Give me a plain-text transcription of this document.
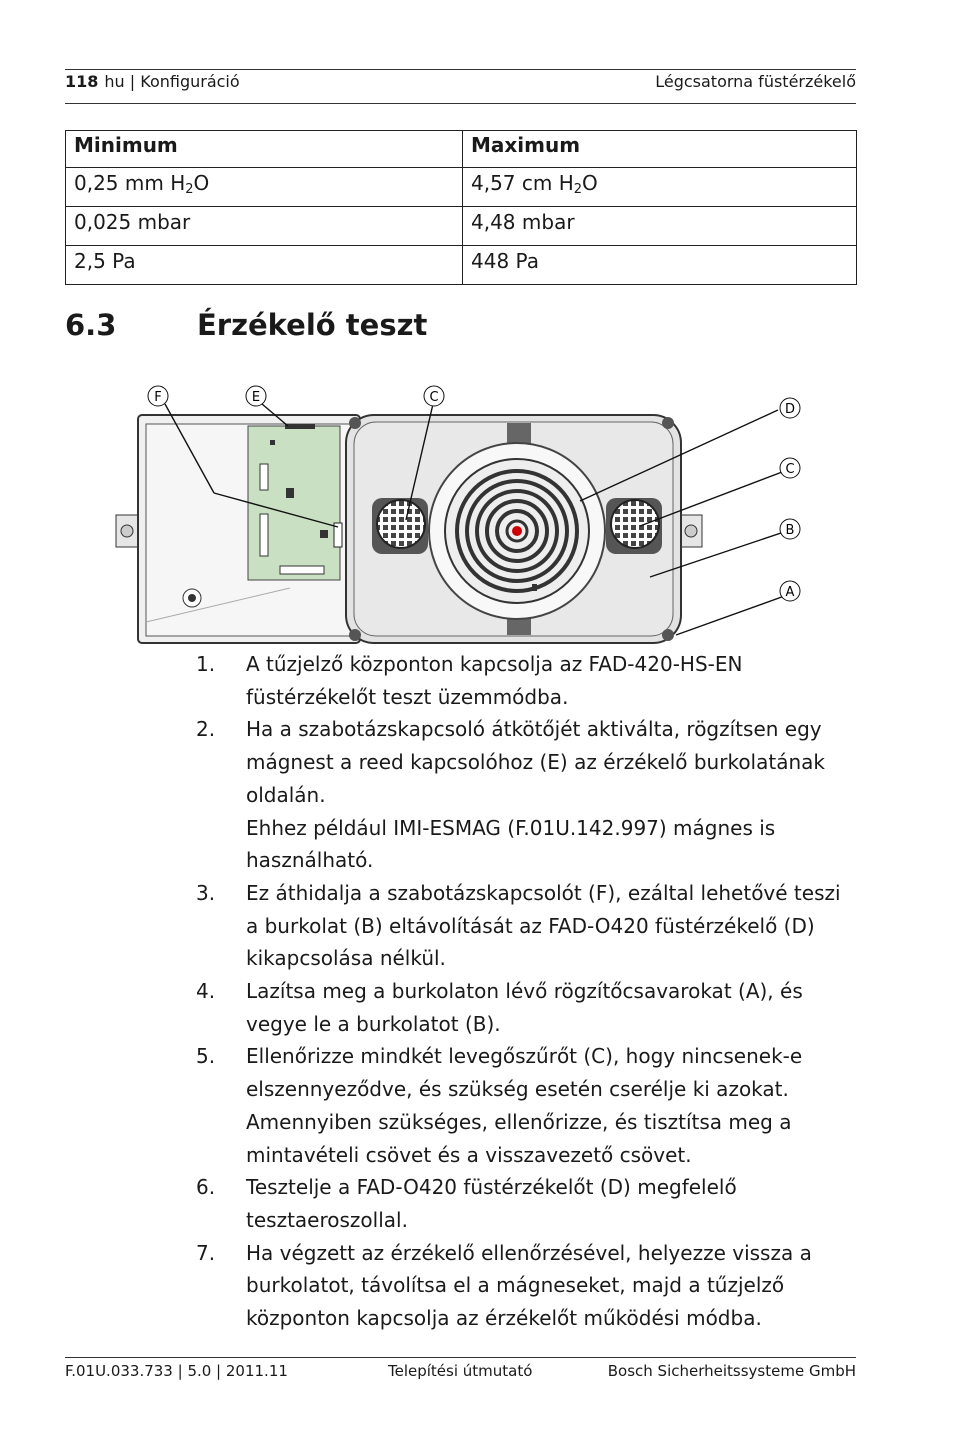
118 hu | Konfiguráció	Légcsatorna füstérzékelő
Minimum	Maximum
0,25 mm $H_2O$	4,57 cm $H_2O$
0,025 mbar	4,48 mbar
2,5 Pa	448 Pa
6.3	Érzékelő teszt
F	E	C
D
C
B
A
1. A tűzjelző központon kapcsolja az FAD-420-HS-EN füstérzékelőt teszt üzemmódba.
2. Ha a szabotázskapcsoló átkötőjét aktiválta, rögzítsen egy mágnest a reed kapcsolóhoz (E) az érzékelő burkolatának oldalán.
Ehhez például IMI-ESMAG (F.01U.142.997) mágnes is használható.
3. Ez áthidalja a szabotázskapcsolót (F), ezáltal lehetővé teszi a burkolat (B) eltávolítását az FAD-O420 füstérzékelő (D) kikapcsolása nélkül.
4. Lazítsa meg a burkolaton lévő rögzítőcsavarokat (A), és vegye le a burkolatot (B).
5. Ellenőrizze mindkét levegőszűrőt (C), hogy nincsenek-e elszennyeződve, és szükség esetén cserélje ki azokat. Amennyiben szükséges, ellenőrizze, és tisztítsa meg a mintavételi csövet és a visszavezető csövet.
6. Tesztelje a FAD-O420 füstérzékelőt (D) megfelelő tesztaeroszollal.
7. Ha végzett az érzékelő ellenőrzésével, helyezze vissza a burkolatot, távolítsa el a mágneseket, majd a tűzjelző központon kapcsolja az érzékelőt működési módba.
F.01U.033.733 | 5.0 | 2011.11	Telepítési útmutató	Bosch Sicherheitssysteme GmbH
